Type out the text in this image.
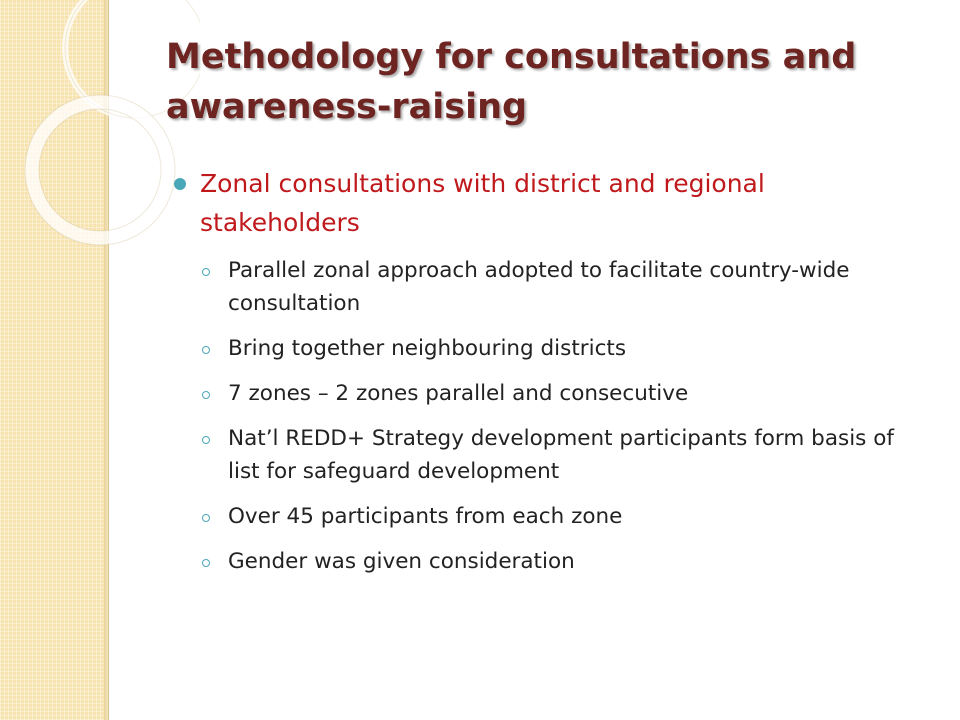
Methodology for consultations and awareness-raising
Zonal consultations with district and regional stakeholders
Parallel zonal approach adopted to facilitate country-wide consultation
Bring together neighbouring districts
7 zones – 2 zones parallel and consecutive
Nat’l REDD+ Strategy development participants form basis of list for safeguard development
Over 45 participants from each zone
Gender was given consideration
